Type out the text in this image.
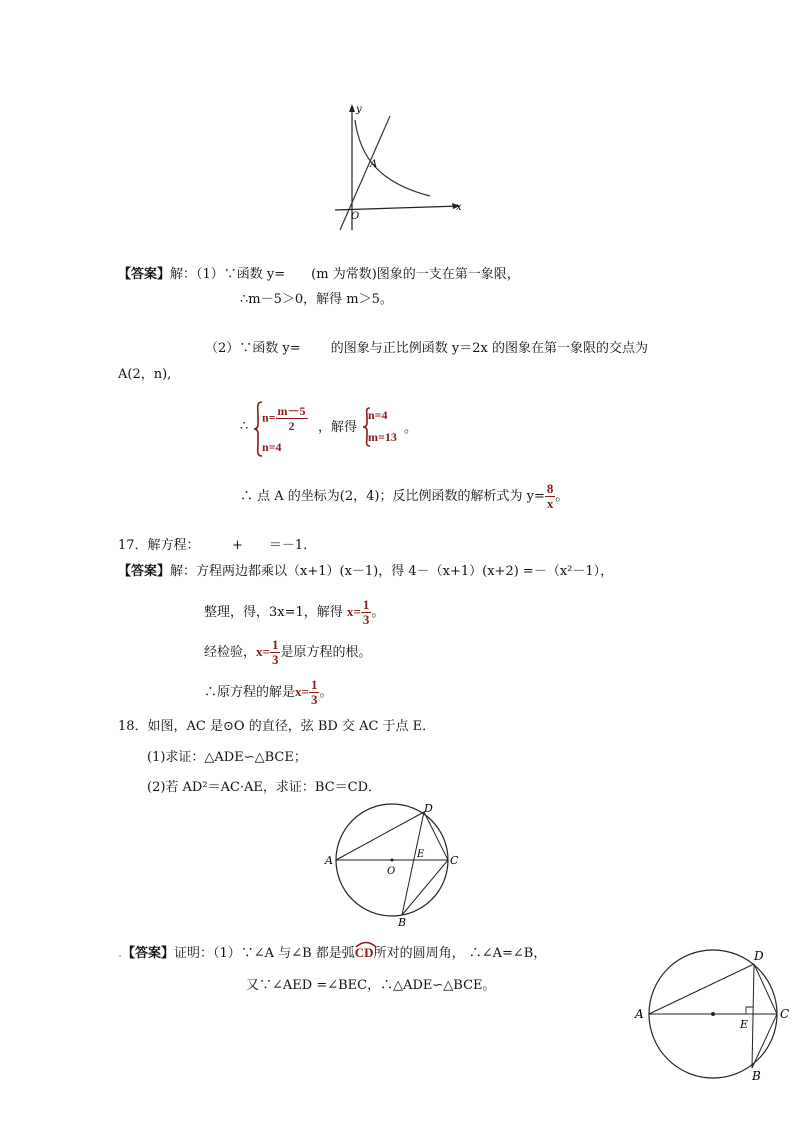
y
x
O
A
【答案】解：（1）∵函数 y=　　(m 为常数)图象的一支在第一象限，
∴m－5＞0，解得 m＞5。
（2）∵函数 y=　　 的图象与正比例函数 y＝2x 的图象在第一象限的交点为
A(2，n),
∴
$n= \frac{m-5}{2}$
n=4
，解得
n=4
m=13
。
∴ 点 A 的坐标为(2，4)；反比例函数的解析式为 $y= \frac{8}{x}$ 。
17．解方程：　　　+　　＝－1．
【答案】解：方程两边都乘以（x+1）(x－1)，得 4－（x+1）(x+2) =－（x²－1），
整理，得，3x=1，解得 $x= \frac{1}{3}$ 。
经检验，$x= \frac{1}{3}$ 是原方程的根。
∴原方程的解是$x= \frac{1}{3}$ 。
18．如图，AC 是⊙O 的直径，弦 BD 交 AC 于点 E．
(1)求证：△ADE∽△BCE；
(2)若 AD²＝AC·AE，求证：BC＝CD．
A	C
D
B
E
O
. 【答案】证明：（1）∵∠A 与∠B 都是弧
CD所对的圆周角， ∴∠A=∠B，
又∵∠AED =∠BEC，∴△ADE∽△BCE。
A	C
D
B
E
